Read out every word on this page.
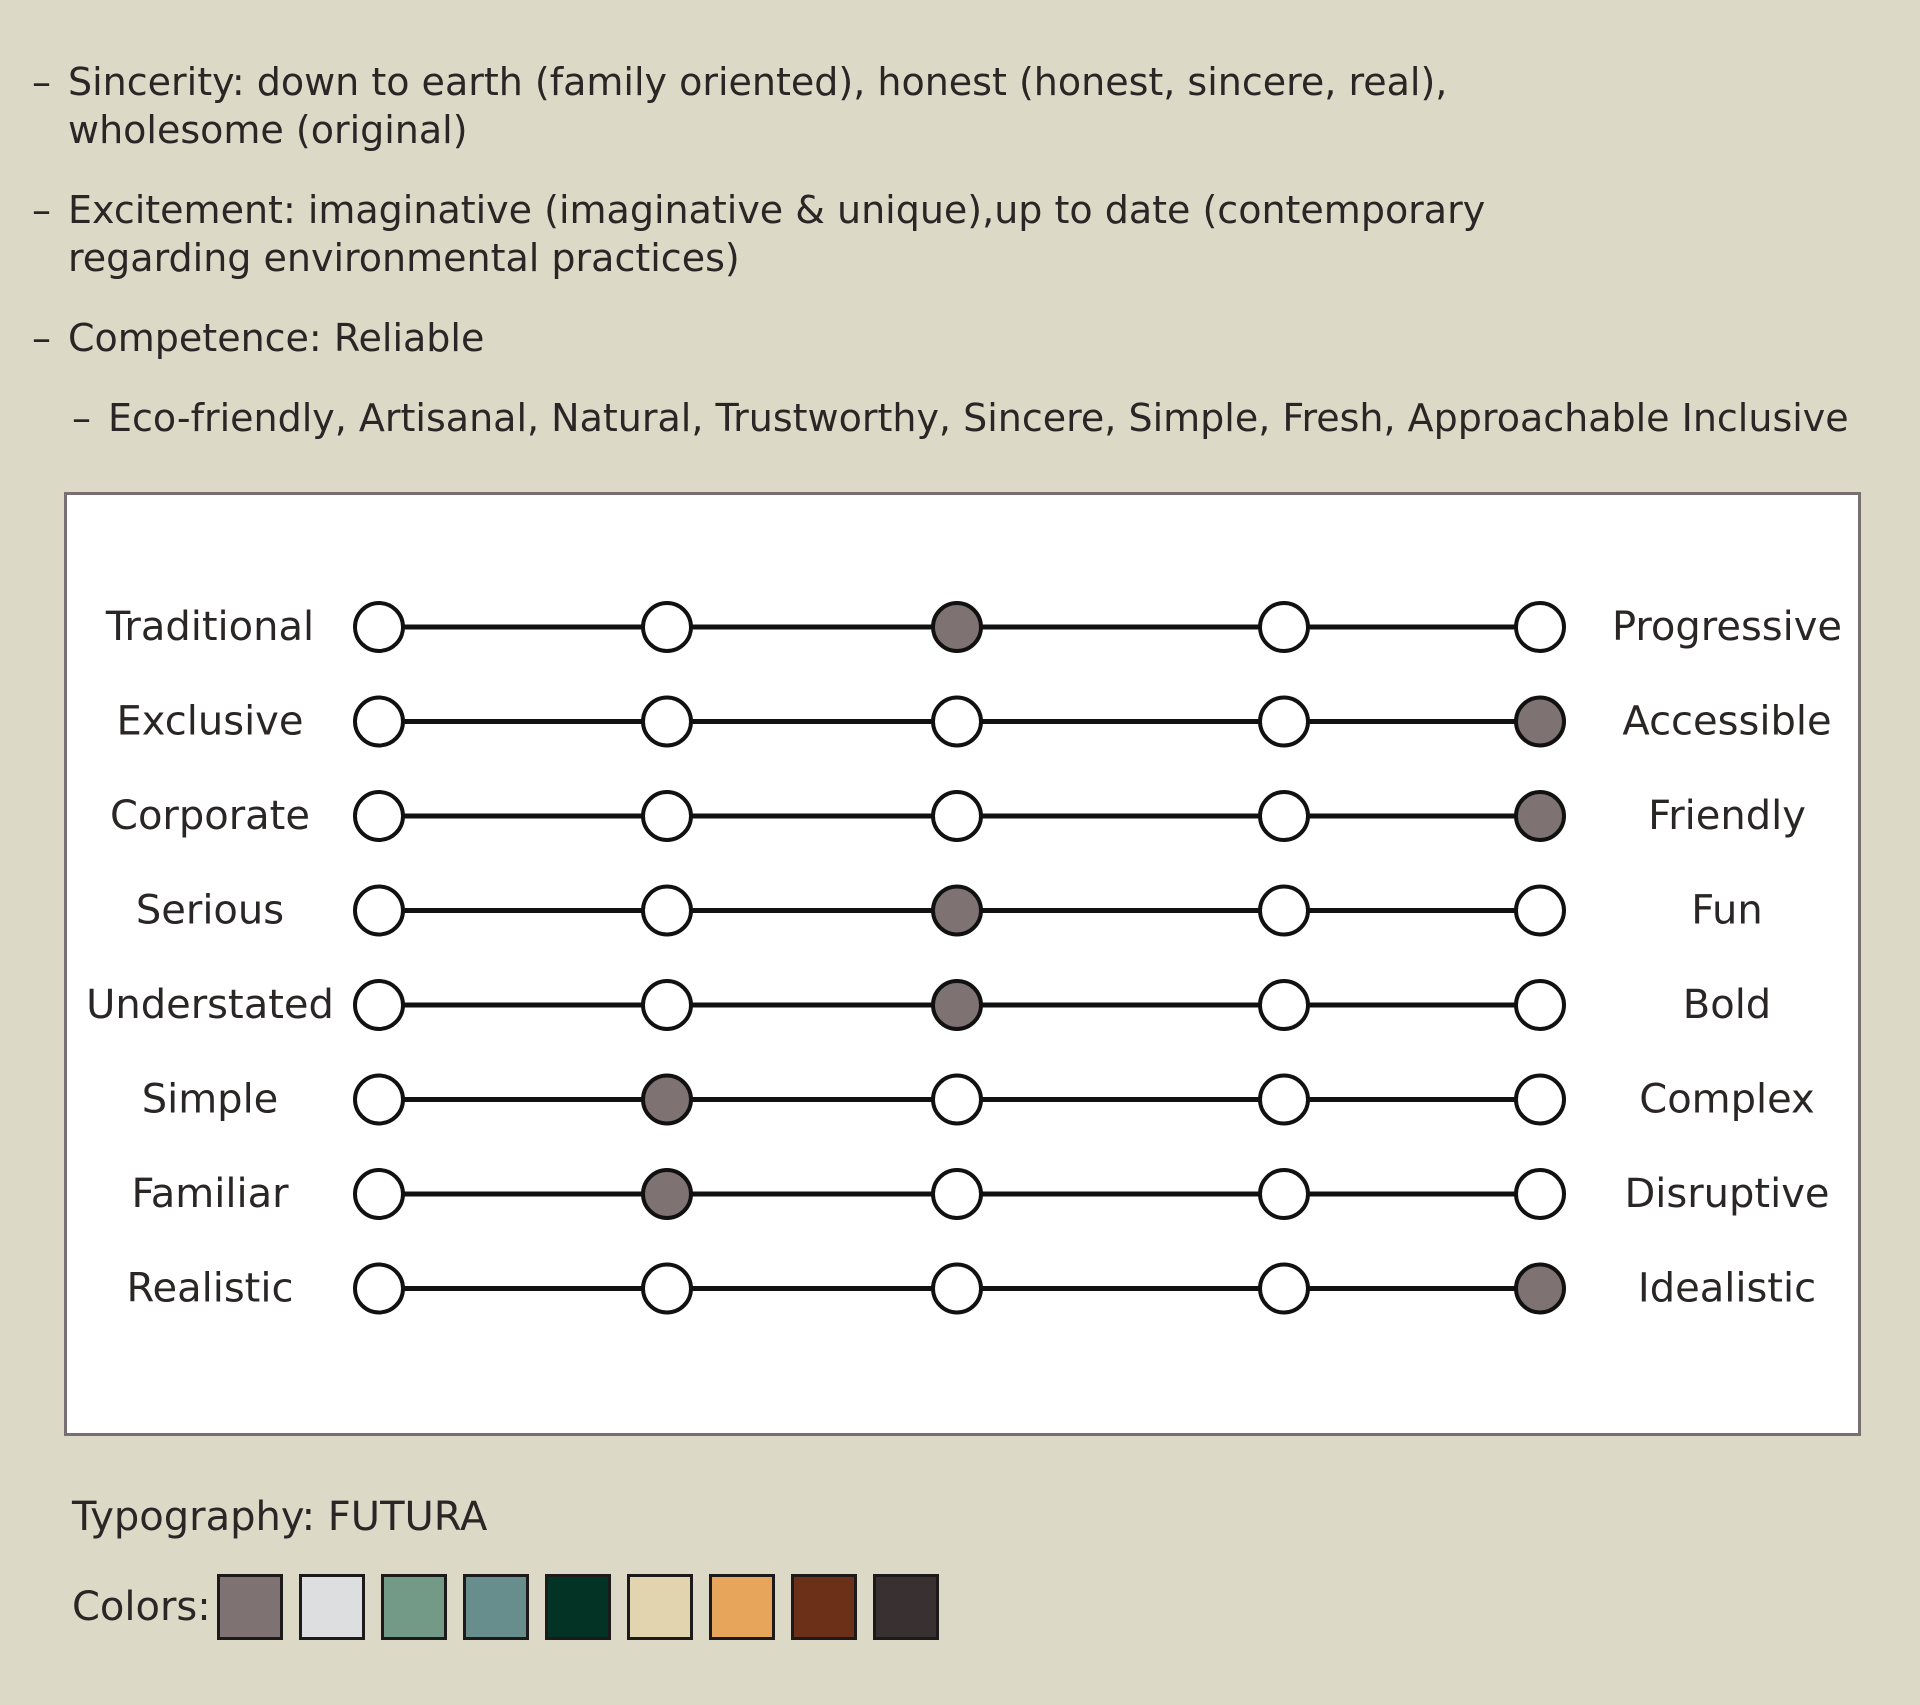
– Sincerity: down to earth (family oriented), honest (honest, sincere, real), wholesome (original)
– Excitement: imaginative (imaginative & unique),up to date (contemporary regarding environmental practices)
– Competence: Reliable
– Eco-friendly, Artisanal, Natural, Trustworthy, Sincere, Simple, Fresh, Approachable Inclusive
Traditional	Progressive
Exclusive	Accessible
Corporate	Friendly
Serious	Fun
Understated	Bold
Simple	Complex
Familiar	Disruptive
Realistic	Idealistic
Typography: FUTURA
Colors:
